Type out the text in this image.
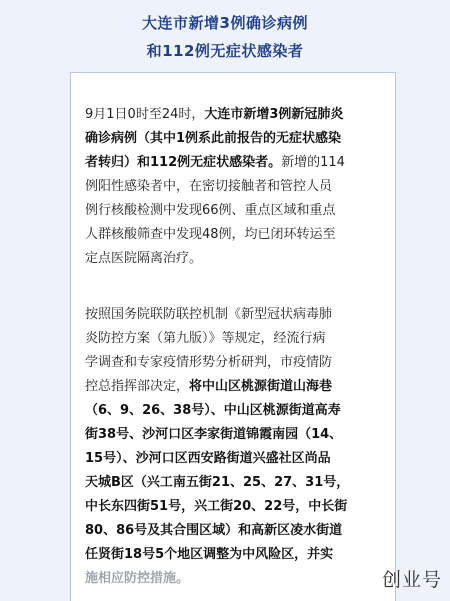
大连市新增3例确诊病例
和112例无症状感染者

9月1日0时至24时，大连市新增3例新冠肺炎
确诊病例（其中1例系此前报告的无症状感染
者转归）和112例无症状感染者。新增的114
例阳性感染者中，在密切接触者和管控人员
例行核酸检测中发现66例、重点区域和重点
人群核酸筛查中发现48例，均已闭环转运至
定点医院隔离治疗。

按照国务院联防联控机制《新型冠状病毒肺
炎防控方案（第九版）》等规定，经流行病
学调查和专家疫情形势分析研判，市疫情防
控总指挥部决定，将中山区桃源街道山海巷
（6、9、26、38号）、中山区桃源街道高寿
街38号、沙河口区李家街道锦霞南园（14、
15号）、沙河口区西安路街道兴盛社区尚品
天城B区（兴工南五街21、25、27、31号，
中长东四街51号，兴工街20、22号，中长街
80、86号及其合围区域）和高新区凌水街道
任贤街18号5个地区调整为中风险区，并实
施相应防控措施。	创业号
